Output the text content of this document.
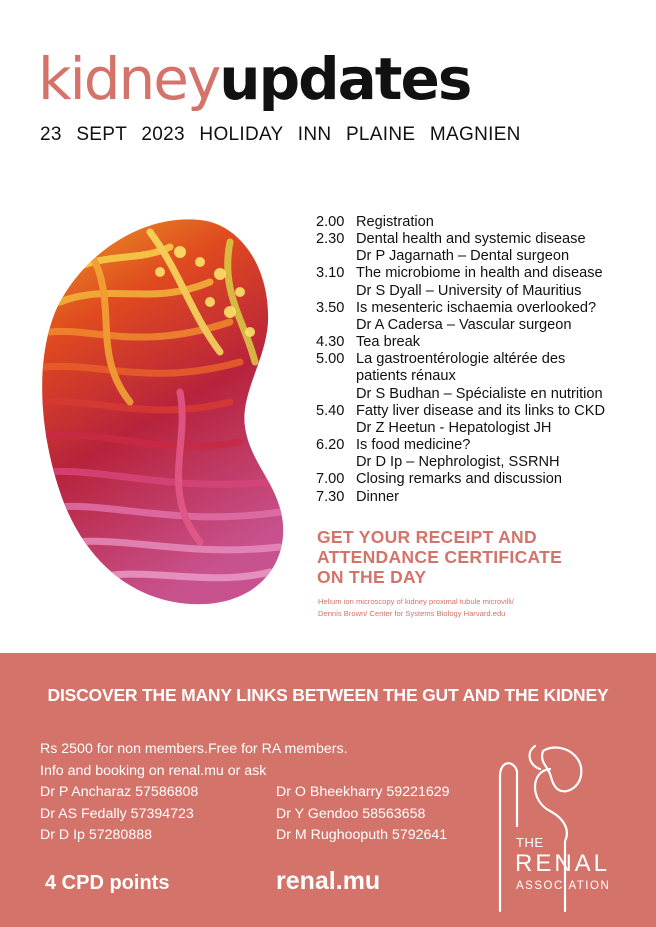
kidneyupdates
23 SEPT 2023 HOLIDAY INN PLAINE MAGNIEN
2.00 Registration
2.30 Dental health and systemic disease
Dr P Jagarnath – Dental surgeon
3.10 The microbiome in health and disease
Dr S Dyall – University of Mauritius
3.50 Is mesenteric ischaemia overlooked?
Dr A Cadersa – Vascular surgeon
4.30 Tea break
5.00 La gastroentérologie altérée des
patients rénaux
Dr S Budhan – Spécialiste en nutrition
5.40 Fatty liver disease and its links to CKD
Dr Z Heetun - Hepatologist JH
6.20 Is food medicine?
Dr D Ip – Nephrologist, SSRNH
7.00 Closing remarks and discussion
7.30 Dinner
GET YOUR RECEIPT AND
ATTENDANCE CERTIFICATE
ON THE DAY
Helium ion microscopy of kidney proximal tubule microvilli/
Dennis Brown/ Center for Systems Biology Harvard.edu
DISCOVER THE MANY LINKS BETWEEN THE GUT AND THE KIDNEY
Rs 2500 for non members.Free for RA members.
Info and booking on renal.mu or ask
Dr P Ancharaz 57586808
Dr AS Fedally 57394723
Dr D Ip 57280888
Dr O Bheekharry 59221629
Dr Y Gendoo 58563658
Dr M Rughooputh 5792641
4 CPD points	renal.mu
THE
RENAL
ASSOCIATION
